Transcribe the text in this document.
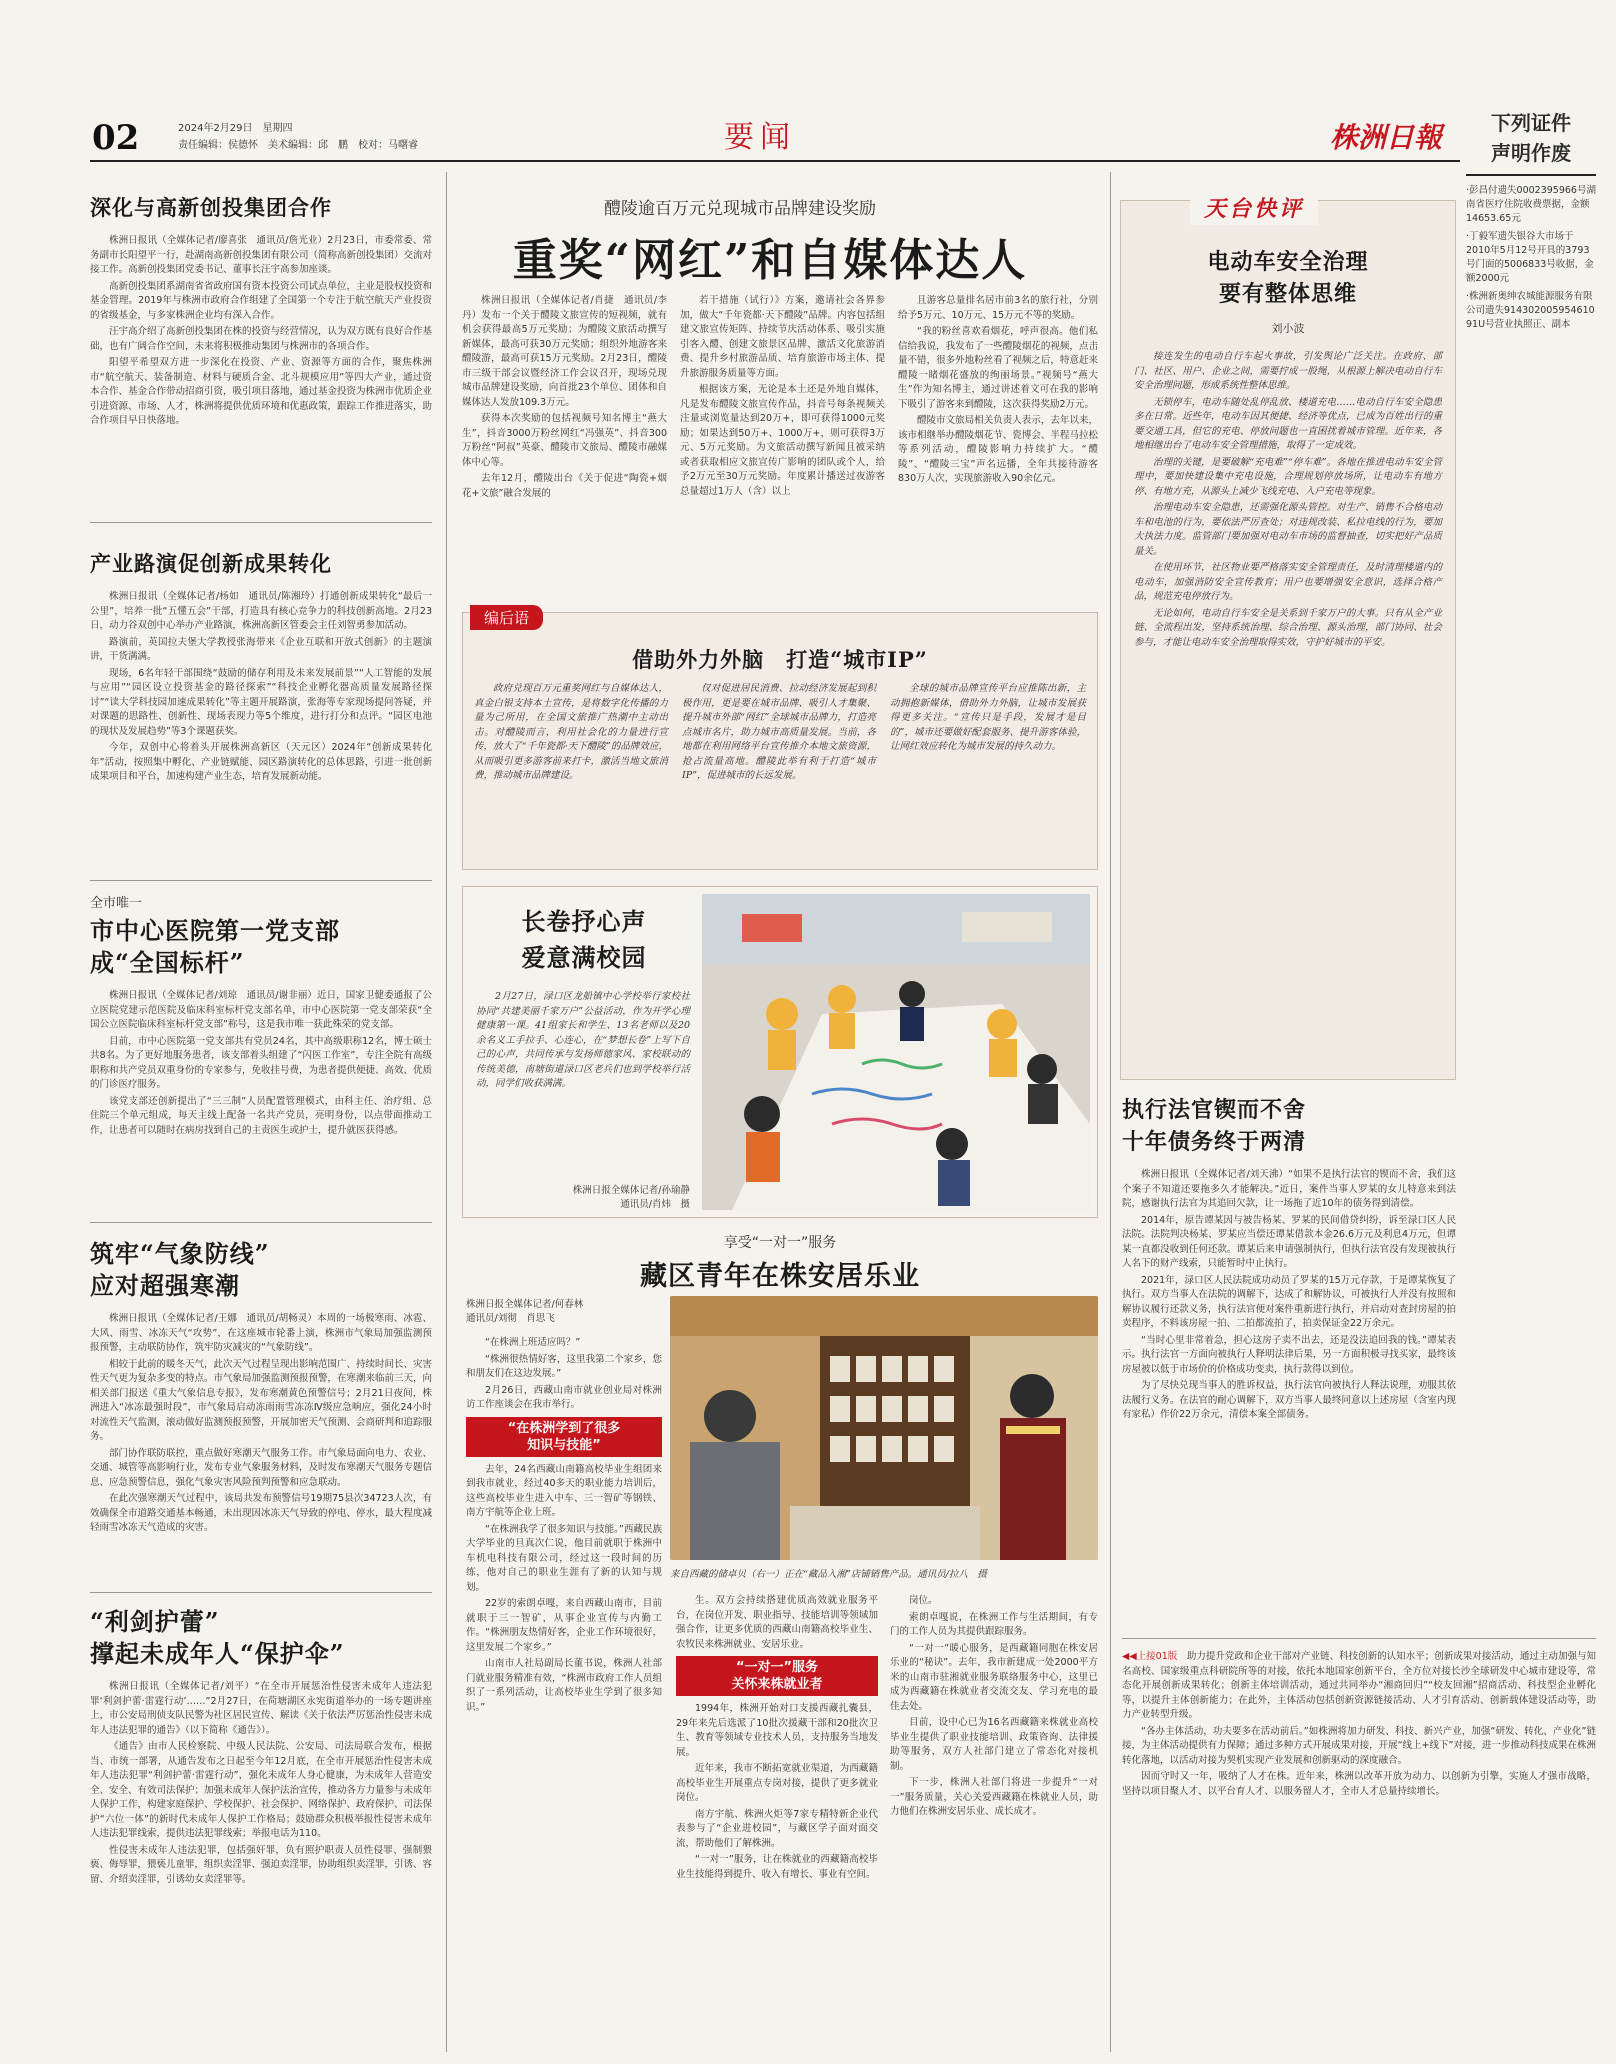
02	2024年2月29日　星期四
责任编辑：侯德怀　美术编辑：邱　鹏　校对：马曙睿	要闻	株洲日報	下列证件
声明作废

·彭昌付遗失0002395966号湖南省医疗住院收费票据，金额14653.65元

·丁毅军遗失银谷大市场于2010年5月12号开具的3793号门面的5006833号收据，金额2000元

·株洲新奥绅农城能源服务有限公司遗失914302005954610 91U号营业执照正、副本

深化与高新创投集团合作

株洲日报讯（全媒体记者/廖喜张　通讯员/詹光业）2月23日，市委常委、常务副市长阳望平一行，赴湖南高新创投集团有限公司（简称高新创投集团）交流对接工作。高新创投集团党委书记、董事长汪宇高参加座谈。

高新创投集团系湖南省省政府国有资本投资公司试点单位，主业是股权投资和基金管理。2019年与株洲市政府合作组建了全国第一个专注于航空航天产业投资的省级基金，与多家株洲企业均有深入合作。

汪宇高介绍了高新创投集团在株的投资与经营情况，认为双方既有良好合作基础，也有广阔合作空间，未来将积极推动集团与株洲市的各项合作。

阳望平希望双方进一步深化在投资、产业、资源等方面的合作，聚焦株洲市“航空航天、装备制造、材料与硬质合金、北斗规模应用”等四大产业，通过资本合作、基金合作带动招商引资，吸引项目落地，通过基金投资为株洲市优质企业引进资源、市场、人才，株洲将提供优质环境和优惠政策，跟踪工作推进落实，助合作项目早日快落地。

产业路演促创新成果转化

株洲日报讯（全媒体记者/杨如　通讯员/陈湘玲）打通创新成果转化“最后一公里”，培养一批“五懂五会”干部，打造具有核心竞争力的科技创新高地。2月23日，动力谷双创中心举办产业路演，株洲高新区管委会主任刘智勇参加活动。

路演前，英国拉夫堡大学教授张海带来《企业互联和开放式创新》的主题演讲，干货满满。

现场，6名年轻干部围绕“鼓励的储存利用及未来发展前景”“人工智能的发展与应用”“园区设立投资基金的路径探索”“科技企业孵化器高质量发展路径探讨”“读大学科技园加速成果转化”等主题开展路演，张海等专家现场提问答疑，并对课题的思路性、创新性、现场表现力等5个维度，进行打分和点评。“园区电池的现状及发展趋势”等3个课题获奖。

今年，双创中心将着头开展株洲高新区（天元区）2024年“创新成果转化年”活动，按照集中孵化、产业链赋能、园区路演转化的总体思路，引进一批创新成果项目和平台，加速构建产业生态，培育发展新动能。

全市唯一
市中心医院第一党支部
成“全国标杆”

株洲日报讯（全媒体记者/刘琼　通讯员/谢非丽）近日，国家卫健委通报了公立医院党建示范医院及临床科室标杆党支部名单，市中心医院第一党支部荣获“全国公立医院临床科室标杆党支部”称号，这是我市唯一获此殊荣的党支部。

目前，市中心医院第一党支部共有党员24名，其中高级职称12名，博士硕士共8名。为了更好地服务患者，该支部着头组建了“闪医工作室”，专注全院有高级职称和共产党员双重身份的专家参与，免收挂号费，为患者提供便捷、高效、优质的门诊医疗服务。

该党支部还创新提出了“三三制”人员配置管理模式，由科主任、治疗组、总住院三个单元组成，每天主线上配备一名共产党员，亮明身份，以点带面推动工作，让患者可以随时在病房找到自己的主责医生或护士，提升就医获得感。

筑牢“气象防线”
应对超强寒潮

株洲日报讯（全媒体记者/王娜　通讯员/胡畅灵）本周的一场极寒雨、冰雹、大风、雨雪、冰冻天气“攻势”，在这座城市轮番上演，株洲市气象局加强监测预报预警，主动联防协作，筑牢防灾减灾的“气象防线”。

相较于此前的暖冬天气，此次天气过程呈现出影响范围广、持续时间长、灾害性天气更为复杂多变的特点。市气象局加强监测预报预警，在寒潮来临前三天，向相关部门报送《重大气象信息专报》，发布寒潮黄色预警信号；2月21日夜间，株洲进入“冰冻最强时段”，市气象局启动冻雨雨雪冻冻Ⅳ级应急响应，强化24小时对流性天气监测，滚动做好监测预报预警，开展加密天气预测、会商研判和追踪服务。

部门协作联防联控，重点做好寒潮天气服务工作。市气象局面向电力、农业、交通、城管等高影响行业，发布专业气象服务材料，及时发布寒潮天气服务专题信息、应急预警信息，强化气象灾害风险预判预警和应急联动。

在此次强寒潮天气过程中，该局共发布预警信号19期75县次34723人次，有效确保全市道路交通基本畅通，未出现因冰冻天气导致的停电、停水，最大程度减轻雨雪冰冻天气造成的灾害。

“利剑护蕾”
撑起未成年人“保护伞”

株洲日报讯（全媒体记者/刘平）“在全市开展惩治性侵害未成年人违法犯罪‘利剑护蕾·雷霆行动’……”2月27日，在荷塘湖区永宪街道举办的一场专题讲座上，市公安局刑侦支队民警为社区居民宣传、解读《关于依法严厉惩治性侵害未成年人违法犯罪的通告》（以下简称《通告》）。

《通告》由市人民检察院、中级人民法院、公安局、司法局联合发布，根据当、市统一部署，从通告发布之日起至今年12月底，在全市开展惩治性侵害未成年人违法犯罪“利剑护蕾·雷霆行动”，强化未成年人身心健康，为未成年人营造安全、安全、有效司法保护；加强未成年人保护法治宣传，推动各方力量参与未成年人保护工作，构建家庭保护、学校保护、社会保护、网络保护、政府保护、司法保护“六位一体”的新时代未成年人保护工作格局；鼓励群众积极举报性侵害未成年人违法犯罪线索，提供违法犯罪线索；举报电话为110。

性侵害未成年人违法犯罪，包括强奸罪，负有照护职责人员性侵罪、强制猥亵、侮辱罪，猥亵儿童罪，组织卖淫罪、强迫卖淫罪，协助组织卖淫罪，引诱、容留、介绍卖淫罪，引诱幼女卖淫罪等。

醴陵逾百万元兑现城市品牌建设奖励
重奖“网红”和自媒体达人

株洲日报讯（全媒体记者/肖捷　通讯员/李丹）发布一个关于醴陵文旅宣传的短视频，就有机会获得最高5万元奖励；为醴陵文旅活动撰写新媒体，最高可获30万元奖励；组织外地游客来醴陵游，最高可获15万元奖励。2月23日，醴陵市三级干部会议暨经济工作会议召开，现场兑现城市品牌建设奖励，向首批23个单位、团体和自媒体达人发放109.3万元。

获得本次奖励的包括视频号知名博主“燕大生”，抖音3000万粉丝网红“冯强英”、抖音300万粉丝“阿叔”英豪、醴陵市文旅局、醴陵市融媒体中心等。

去年12月，醴陵出台《关于促进“陶瓷+烟花+文旅”融合发展的

若干措施（试行）》方案，邀请社会各界参加，做大“千年瓷都·天下醴陵”品牌。内容包括组建文旅宣传矩阵、持续节庆活动体系、吸引实施引客入醴、创建文旅景区品牌、激活文化旅游消费、提升乡村旅游品质、培育旅游市场主体、提升旅游服务质量等方面。

根据该方案，无论是本土还是外地自媒体，凡是发布醴陵文旅宣传作品，抖音号每条视频关注量或浏览量达到20万+，即可获得1000元奖励；如果达到50万+、1000万+，则可获得3万元、5万元奖励。为文旅活动撰写新闻且被采纳或者获取相应文旅宣传广影响的团队或个人，给予2万元至30万元奖励。年度累计播送过夜游客总量超过1万人（含）以上

且游客总量排名居市前3名的旅行社，分别给予5万元、10万元、15万元不等的奖励。

“我的粉丝喜欢看烟花，呼声很高。他们私信给我说，我发布了一些醴陵烟花的视频，点击量不错，很多外地粉丝看了视频之后，特意赶来醴陵一睹烟花盛放的绚丽场景。”视频号“燕大生”作为知名博主，通过讲述着文可在我的影响下吸引了游客来到醴陵，这次获得奖励2万元。

醴陵市文旅局相关负责人表示，去年以来，该市相继举办醴陵烟花节、瓷博会、半程马拉松等系列活动，醴陵影响力持续扩大。“醴陵”、“醴陵三宝”声名远播，全年共接待游客830万人次，实现旅游收入90余亿元。

编后语
借助外力外脑　打造“城市IP”

政府兑现百万元重奖网红与自媒体达人，真金白银支持本土宣传，是将数字化传播的力量为己所用，在全国文旅推广热潮中主动出击。对醴陵而言，利用社会化的力量进行宣传，放大了“千年瓷都·天下醴陵”的品牌效应，从而吸引更多游客前来打卡，激活当地文旅消费，推动城市品牌建设。

仅对促进居民消费、拉动经济发展起到积极作用，更是要在城市品牌、吸引人才集聚、提升城市外部“网红”全球城市品牌力，打造亮点城市名片，助力城市高质量发展。当前，各地都在利用网络平台宣传推介本地文旅资源，抢占流量高地。醴陵此举有利于打造“城市IP”，促进城市的长远发展。

全球的城市品牌宣传平台应推陈出新，主动拥抱新媒体，借助外力外脑，让城市发展获得更多关注。“宣传只是手段，发展才是目的”，城市还要做好配套服务、提升游客体验，让网红效应转化为城市发展的持久动力。

长卷抒心声
爱意满校园

2月27日，渌口区龙船镇中心学校举行家校社协同“共建美丽千家万户”公益活动，作为开学心理健康第一课。41组家长和学生、13名老师以及20余名义工手拉手、心连心，在“梦想长卷”上写下自己的心声，共同传承与发扬师德家风、家校联动的传统美德，南塘街道渌口区老兵们也到学校举行活动，同学们收获满满。

株洲日报全媒体记者/孙瑜静
通讯员/肖炜　摄
享受“一对一”服务
藏区青年在株安居乐业
株洲日报全媒体记者/何春林
通讯员/刘彻　肖思飞
来自西藏的储卓贝（右一）正在“藏品入湘”店铺销售产品。通讯员/拉八　摄

“在株洲上班适应吗？”

“株洲很热情好客，这里我第二个家乡，您和朋友们在这边发展。”

2月26日，西藏山南市就业创业局对株洲访工作座谈会在我市举行。

“在株洲学到了很多
知识与技能”

去年，24名西藏山南籍高校毕业生组团来到我市就业，经过40多天的职业能力培训后，这些高校毕业生进入中车、三一智矿等钢铁、南方宇航等企业上班。

“在株洲我学了很多知识与技能。”西藏民族大学毕业的旦真次仁说，他目前就职于株洲中车机电科技有限公司，经过这一段时间的历练，他对自己的职业生涯有了新的认知与规划。

22岁的索朗卓嘎，来自西藏山南市，目前就职于三一智矿，从事企业宣传与内勤工作。“株洲朋友热情好客，企业工作环境很好，这里发展二个家乡。”

山南市人社局副局长董书说，株洲人社部门就业服务精准有效，“株洲市政府工作人员组织了一系列活动，让高校毕业生学到了很多知识。”

生。双方会持续搭建优质高效就业服务平台，在岗位开发、职业指导、技能培训等领域加强合作，让更多优质的西藏山南籍高校毕业生、农牧民来株洲就业、安居乐业。

“一对一”服务
关怀来株就业者

1994年，株洲开始对口支援西藏扎囊县，29年来先后选派了10批次援藏干部和20批次卫生、教育等领域专业技术人员，支持服务当地发展。

近年来，我市不断拓宽就业渠道，为西藏籍高校毕业生开展重点专岗对接，提供了更多就业岗位。

南方宇航、株洲火炬等7家专精特新企业代表参与了“企业进校园”，与藏区学子面对面交流，帮助他们了解株洲。

“一对一”服务，让在株就业的西藏籍高校毕业生技能得到提升、收入有增长、事业有空间。

岗位。

索朗卓嘎说，在株洲工作与生活期间，有专门的工作人员为其提供跟踪服务。

“一对一”暖心服务，是西藏籍同胞在株安居乐业的“秘诀”。去年，我市新建成一处2000平方米的山南市驻湘就业服务联络服务中心，这里已成为西藏籍在株就业者交流交友、学习充电的最佳去处。

目前，设中心已为16名西藏籍来株就业高校毕业生提供了职业技能培训、政策咨询、法律援助等服务，双方人社部门建立了常态化对接机制。

下一步，株洲人社部门将进一步提升“一对一”服务质量，关心关爱西藏籍在株就业人员，助力他们在株洲安居乐业、成长成才。

天台快评
电动车安全治理
要有整体思维
刘小波

接连发生的电动自行车起火事故，引发舆论广泛关注。在政府、部门、社区、用户、企业之间，需要拧成一股绳，从根源上解决电动自行车安全治理问题，形成系统性整体思维。

无锁停车，电动车随处乱停乱放、楼道充电……电动自行车安全隐患多在日常。近些年，电动车因其便捷、经济等优点，已成为百姓出行的重要交通工具，但它的充电、停放问题也一直困扰着城市管理。近年来，各地相继出台了电动车安全管理措施，取得了一定成效。

治理的关键，是要破解“充电难”“停车难”。各地在推进电动车安全管理中，要加快建设集中充电设施，合理规划停放场所，让电动车有地方停、有地方充，从源头上减少飞线充电、入户充电等现象。

治理电动车安全隐患，还需强化源头管控。对生产、销售不合格电动车和电池的行为，要依法严厉查处；对违规改装、私拉电线的行为，要加大执法力度。监管部门要加强对电动车市场的监督抽查，切实把好产品质量关。

在使用环节，社区物业要严格落实安全管理责任，及时清理楼道内的电动车，加强消防安全宣传教育；用户也要增强安全意识，选择合格产品，规范充电停放行为。

无论如何，电动自行车安全是关系到千家万户的大事。只有从全产业链、全流程出发，坚持系统治理、综合治理、源头治理，部门协同、社会参与，才能让电动车安全治理取得实效，守护好城市的平安。

执行法官锲而不舍
十年债务终于两清

株洲日报讯（全媒体记者/刘天沸）“如果不是执行法官的锲而不舍，我们这个案子不知道还要拖多久才能解决。”近日，案件当事人罗某的女儿特意来到法院，感谢执行法官为其追回欠款，让一场拖了近10年的债务得到清偿。

2014年，原告谭某因与被告杨某、罗某的民间借贷纠纷，诉至渌口区人民法院。法院判决杨某、罗某应当偿还谭某借款本金26.6万元及利息4万元，但谭某一直都没收到任何还款。谭某后来申请强制执行，但执行法官没有发现被执行人名下的财产线索，只能暂时中止执行。

2021年，渌口区人民法院成功动员了罗某的15万元存款，于是谭某恢复了执行。双方当事人在法院的调解下，达成了和解协议，可被执行人并没有按照和解协议履行还款义务，执行法官便对案件重新进行执行，并启动对查封房屋的拍卖程序，不料该房屋一拍、二拍都流拍了，拍卖保证金22万余元。

“当时心里非常着急，担心这房子卖不出去，还是没法追回我的钱。”谭某表示。执行法官一方面向被执行人释明法律后果，另一方面积极寻找买家，最终该房屋被以低于市场价的价格成功变卖，执行款得以到位。

为了尽快兑现当事人的胜诉权益，执行法官向被执行人释法说理，劝服其依法履行义务。在法官的耐心调解下，双方当事人最终同意以上述房屋（含室内现有家私）作价22万余元，清偿本案全部债务。

◀◀上接01版　 助力提升党政和企业干部对产业链、科技创新的认知水平；创新成果对接活动，通过主动加强与知名高校、国家级重点科研院所等的对接，依托本地国家创新平台，全方位对接长沙全球研发中心城市建设等，常态化开展创新成果转化；创新主体培训活动，通过共同举办“湘商回归”“校友回湘”招商活动、科技型企业孵化等，以提升主体创新能力；在此外，主体活动包括创新资源链接活动、人才引育活动、创新载体建设活动等，助力产业转型升级。

“各办主体活动，功夫要多在活动前后。”如株洲将加力研发、科技、新兴产业，加强“研发、转化、产业化”链接，为主体活动提供有力保障；通过多种方式开展成果对接，开展“线上+线下”对接，进一步推动科技成果在株洲转化落地，以活动对接为契机实现产业发展和创新驱动的深度融合。

因而守时又一年，吸纳了人才在株。近年来，株洲以改革开放为动力、以创新为引擎，实施人才强市战略，坚持以项目聚人才、以平台育人才、以服务留人才，全市人才总量持续增长。
